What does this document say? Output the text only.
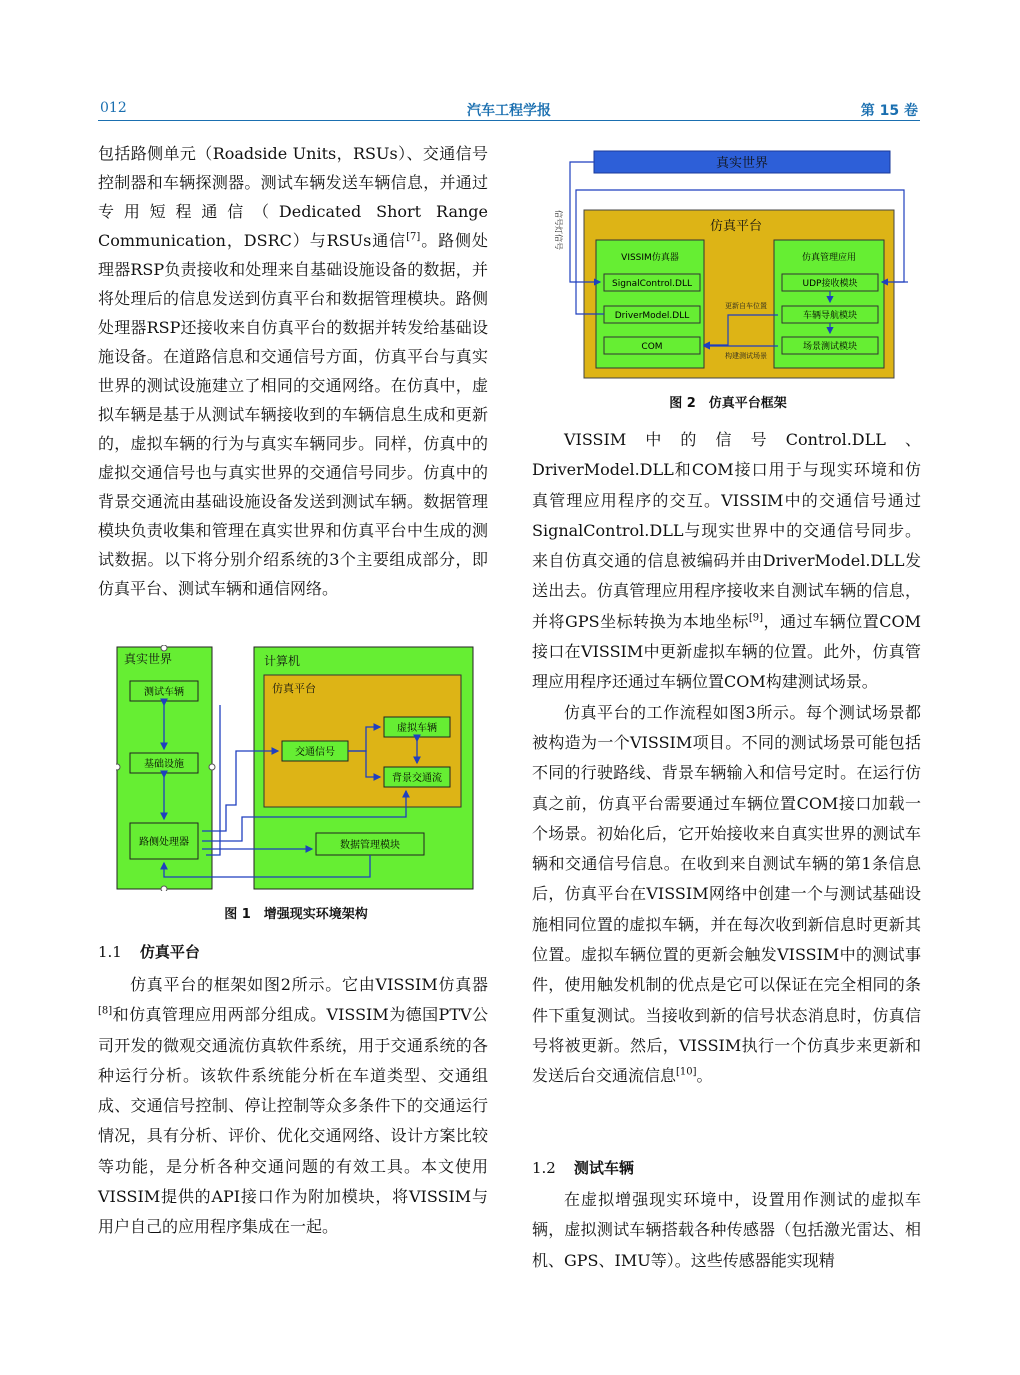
012	汽车工程学报	第 15 卷

包括路侧单元（Roadside Units，RSUs）、交通信号控制器和车辆探测器。测试车辆发送车辆信息，并通过专用短程通信（Dedicated Short Range Communication，DSRC）与RSUs通信[7]。路侧处理器RSP负责接收和处理来自基础设施设备的数据，并将处理后的信息发送到仿真平台和数据管理模块。路侧处理器RSP还接收来自仿真平台的数据并转发给基础设施设备。在道路信息和交通信号方面，仿真平台与真实世界的测试设施建立了相同的交通网络。在仿真中，虚拟车辆是基于从测试车辆接收到的车辆信息生成和更新的，虚拟车辆的行为与真实车辆同步。同样，仿真中的虚拟交通信号也与真实世界的交通信号同步。仿真中的背景交通流由基础设施设备发送到测试车辆。数据管理模块负责收集和管理在真实世界和仿真平台中生成的测试数据。以下将分别介绍系统的3个主要组成部分，即仿真平台、测试车辆和通信网络。

真实世界	计算机
仿真平台
测试车辆
基础设施
路侧处理器
交通信号
虚拟车辆
背景交通流
数据管理模块
图 1　增强现实环境架构
1.1 仿真平台

仿真平台的框架如图2所示。它由VISSIM仿真器[8]和仿真管理应用两部分组成。VISSIM为德国PTV公司开发的微观交通流仿真软件系统，用于交通系统的各种运行分析。该软件系统能分析在车道类型、交通组成、交通信号控制、停让控制等众多条件下的交通运行情况，具有分析、评价、优化交通网络、设计方案比较等功能，是分析各种交通问题的有效工具。本文使用VISSIM提供的API接口作为附加模块，将VISSIM与用户自己的应用程序集成在一起。

真实世界
仿真平台
VISSIM仿真器
SignalControl.DLL
DriverModel.DLL
COM
仿真管理应用
UDP接收模块
车辆导航模块
场景测试模块
更新自车位置
构建测试场景
信号灯信号
图 2　仿真平台框架

VISSIM中的信号Control.DLL、DriverModel.DLL和COM接口用于与现实环境和仿真管理应用程序的交互。VISSIM中的交通信号通过SignalControl.DLL与现实世界中的交通信号同步。来自仿真交通的信息被编码并由DriverModel.DLL发送出去。仿真管理应用程序接收来自测试车辆的信息，并将GPS坐标转换为本地坐标[9]，通过车辆位置COM接口在VISSIM中更新虚拟车辆的位置。此外，仿真管理应用程序还通过车辆位置COM构建测试场景。

仿真平台的工作流程如图3所示。每个测试场景都被构造为一个VISSIM项目。不同的测试场景可能包括不同的行驶路线、背景车辆输入和信号定时。在运行仿真之前，仿真平台需要通过车辆位置COM接口加载一个场景。初始化后，它开始接收来自真实世界的测试车辆和交通信号信息。在收到来自测试车辆的第1条信息后，仿真平台在VISSIM网络中创建一个与测试基础设施相同位置的虚拟车辆，并在每次收到新信息时更新其位置。虚拟车辆位置的更新会触发VISSIM中的测试事件，使用触发机制的优点是它可以保证在完全相同的条件下重复测试。当接收到新的信号状态消息时，仿真信号将被更新。然后，VISSIM执行一个仿真步来更新和发送后台交通流信息[10]。

1.2 测试车辆

在虚拟增强现实环境中，设置用作测试的虚拟车辆，虚拟测试车辆搭载各种传感器（包括激光雷达、相机、GPS、IMU等）。这些传感器能实现精
